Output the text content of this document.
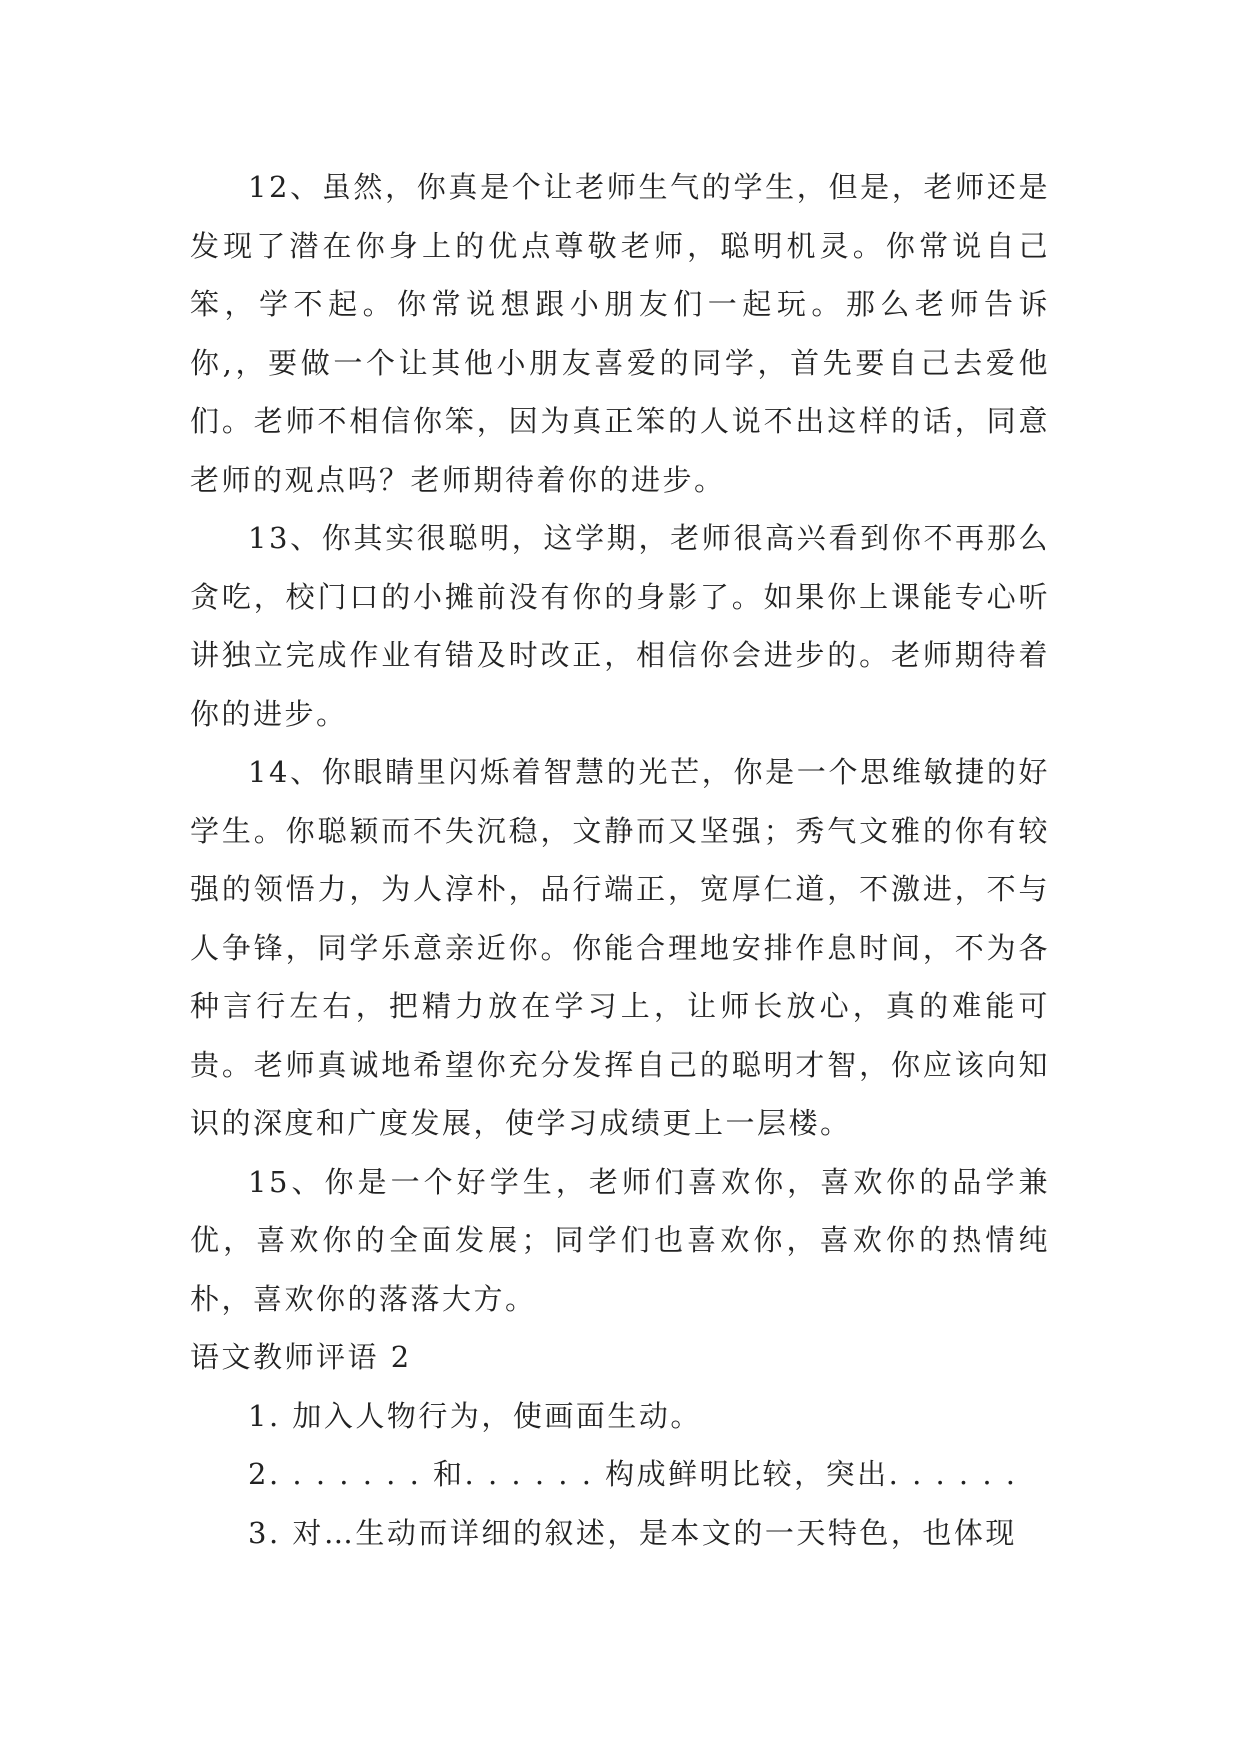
12、虽然，你真是个让老师生气的学生，但是，老师还是发现了潜在你身上的优点尊敬老师，聪明机灵。你常说自己笨，学不起。你常说想跟小朋友们一起玩。那么老师告诉你,，要做一个让其他小朋友喜爱的同学，首先要自己去爱他们。老师不相信你笨，因为真正笨的人说不出这样的话，同意老师的观点吗？老师期待着你的进步。

13、你其实很聪明，这学期，老师很高兴看到你不再那么贪吃，校门口的小摊前没有你的身影了。如果你上课能专心听讲独立完成作业有错及时改正，相信你会进步的。老师期待着你的进步。

14、你眼睛里闪烁着智慧的光芒，你是一个思维敏捷的好学生。你聪颖而不失沉稳，文静而又坚强；秀气文雅的你有较强的领悟力，为人淳朴，品行端正，宽厚仁道，不激进，不与人争锋，同学乐意亲近你。你能合理地安排作息时间，不为各种言行左右，把精力放在学习上，让师长放心，真的难能可贵。老师真诚地希望你充分发挥自己的聪明才智，你应该向知识的深度和广度发展，使学习成绩更上一层楼。

15、你是一个好学生，老师们喜欢你，喜欢你的品学兼优，喜欢你的全面发展；同学们也喜欢你，喜欢你的热情纯朴，喜欢你的落落大方。

语文教师评语 2

1. 加入人物行为，使画面生动。

2. . . . . . . 和. . . . . . 构成鲜明比较，突出. . . . . .

3. 对…生动而详细的叙述，是本文的一天特色，也体现
